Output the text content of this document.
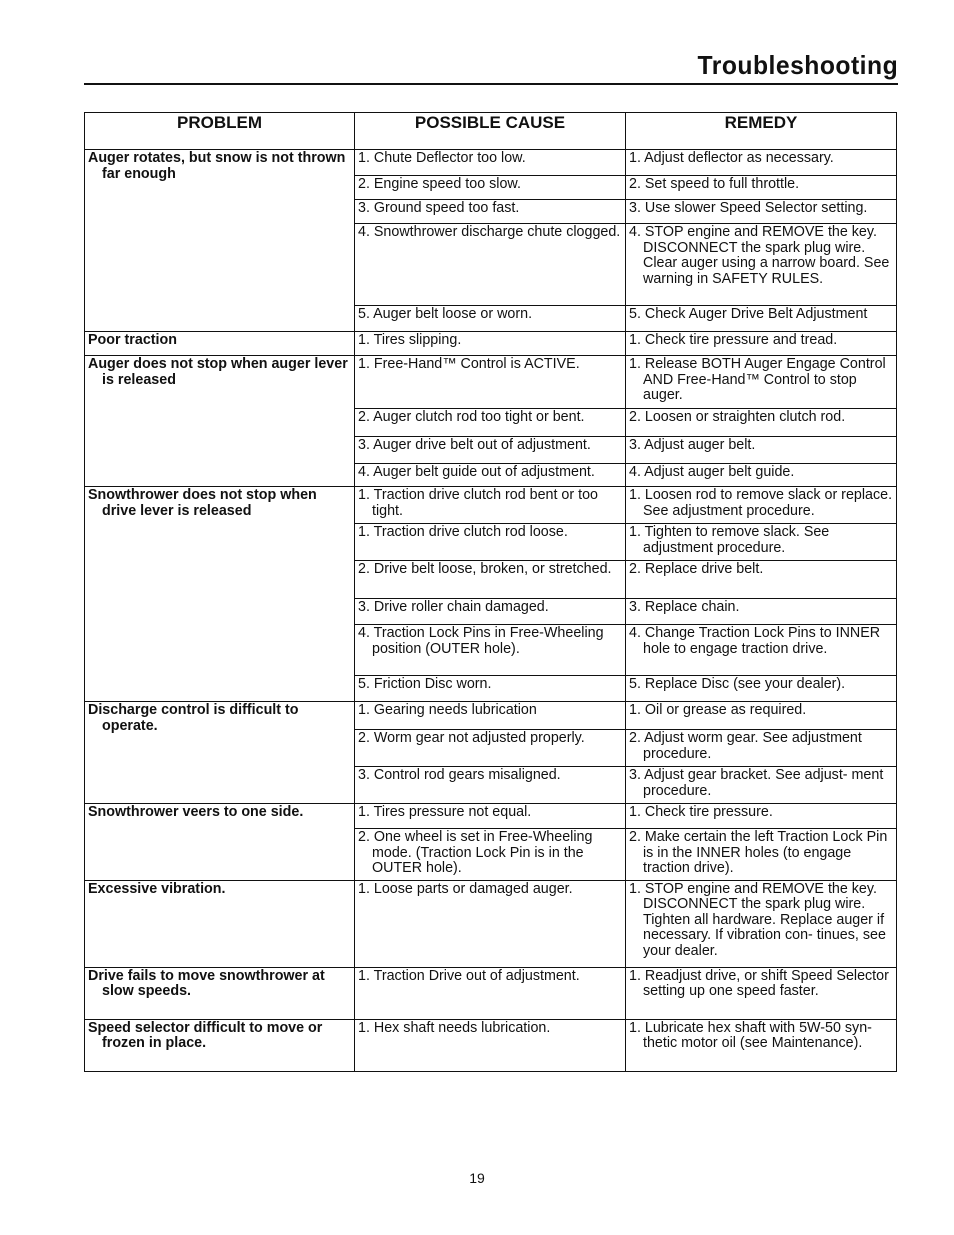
Troubleshooting
PROBLEM	POSSIBLE CAUSE	REMEDY

Auger rotates, but snow is not thrown far enough	1. Chute Deflector too low.	1. Adjust deflector as necessary.

	2. Engine speed too slow.	2. Set speed to full throttle.

	3. Ground speed too fast.	3. Use slower Speed Selector setting.

	4. Snowthrower discharge chute clogged.	4. STOP engine and REMOVE the key. DISCONNECT the spark plug wire. Clear auger using a narrow board. See warning in SAFETY RULES.

	5. Auger belt loose or worn.	5. Check Auger Drive Belt Adjustment

Poor traction	1. Tires slipping.	1. Check tire pressure and tread.

Auger does not stop when auger lever is released	1. Free-Hand™ Control is ACTIVE.	1. Release BOTH Auger Engage Control AND Free-Hand™ Control to stop auger.

	2. Auger clutch rod too tight or bent.	2. Loosen or straighten clutch rod.

	3. Auger drive belt out of adjustment.	3. Adjust auger belt.

	4. Auger belt guide out of adjustment.	4. Adjust auger belt guide.

Snowthrower does not stop when drive lever is released	1. Traction drive clutch rod bent or too tight.	1. Loosen rod to remove slack or replace. See adjustment procedure.

	1. Traction drive clutch rod loose.	1. Tighten to remove slack. See adjustment procedure.

	2. Drive belt loose, broken, or stretched.	2. Replace drive belt.

	3. Drive roller chain damaged.	3. Replace chain.

	4. Traction Lock Pins in Free-Wheeling position (OUTER hole).	4. Change Traction Lock Pins to INNER hole to engage traction drive.

	5. Friction Disc worn.	5. Replace Disc (see your dealer).

Discharge control is difficult to operate.	1. Gearing needs lubrication	1. Oil or grease as required.

	2. Worm gear not adjusted properly.	2. Adjust worm gear. See adjustment procedure.

	3. Control rod gears misaligned.	3. Adjust gear bracket. See adjust- ment procedure.

Snowthrower veers to one side.	1. Tires pressure not equal.	1. Check tire pressure.

	2. One wheel is set in Free-Wheeling mode. (Traction Lock Pin is in the OUTER hole).	2. Make certain the left Traction Lock Pin is in the INNER holes (to engage traction drive).

Excessive vibration.	1. Loose parts or damaged auger.	1. STOP engine and REMOVE the key. DISCONNECT the spark plug wire. Tighten all hardware. Replace auger if necessary. If vibration con- tinues, see your dealer.

Drive fails to move snowthrower at slow speeds.	1. Traction Drive out of adjustment.	1. Readjust drive, or shift Speed Selector setting up one speed faster.

Speed selector difficult to move or frozen in place.	1. Hex shaft needs lubrication.	1. Lubricate hex shaft with 5W-50 syn- thetic motor oil (see Maintenance).
19
